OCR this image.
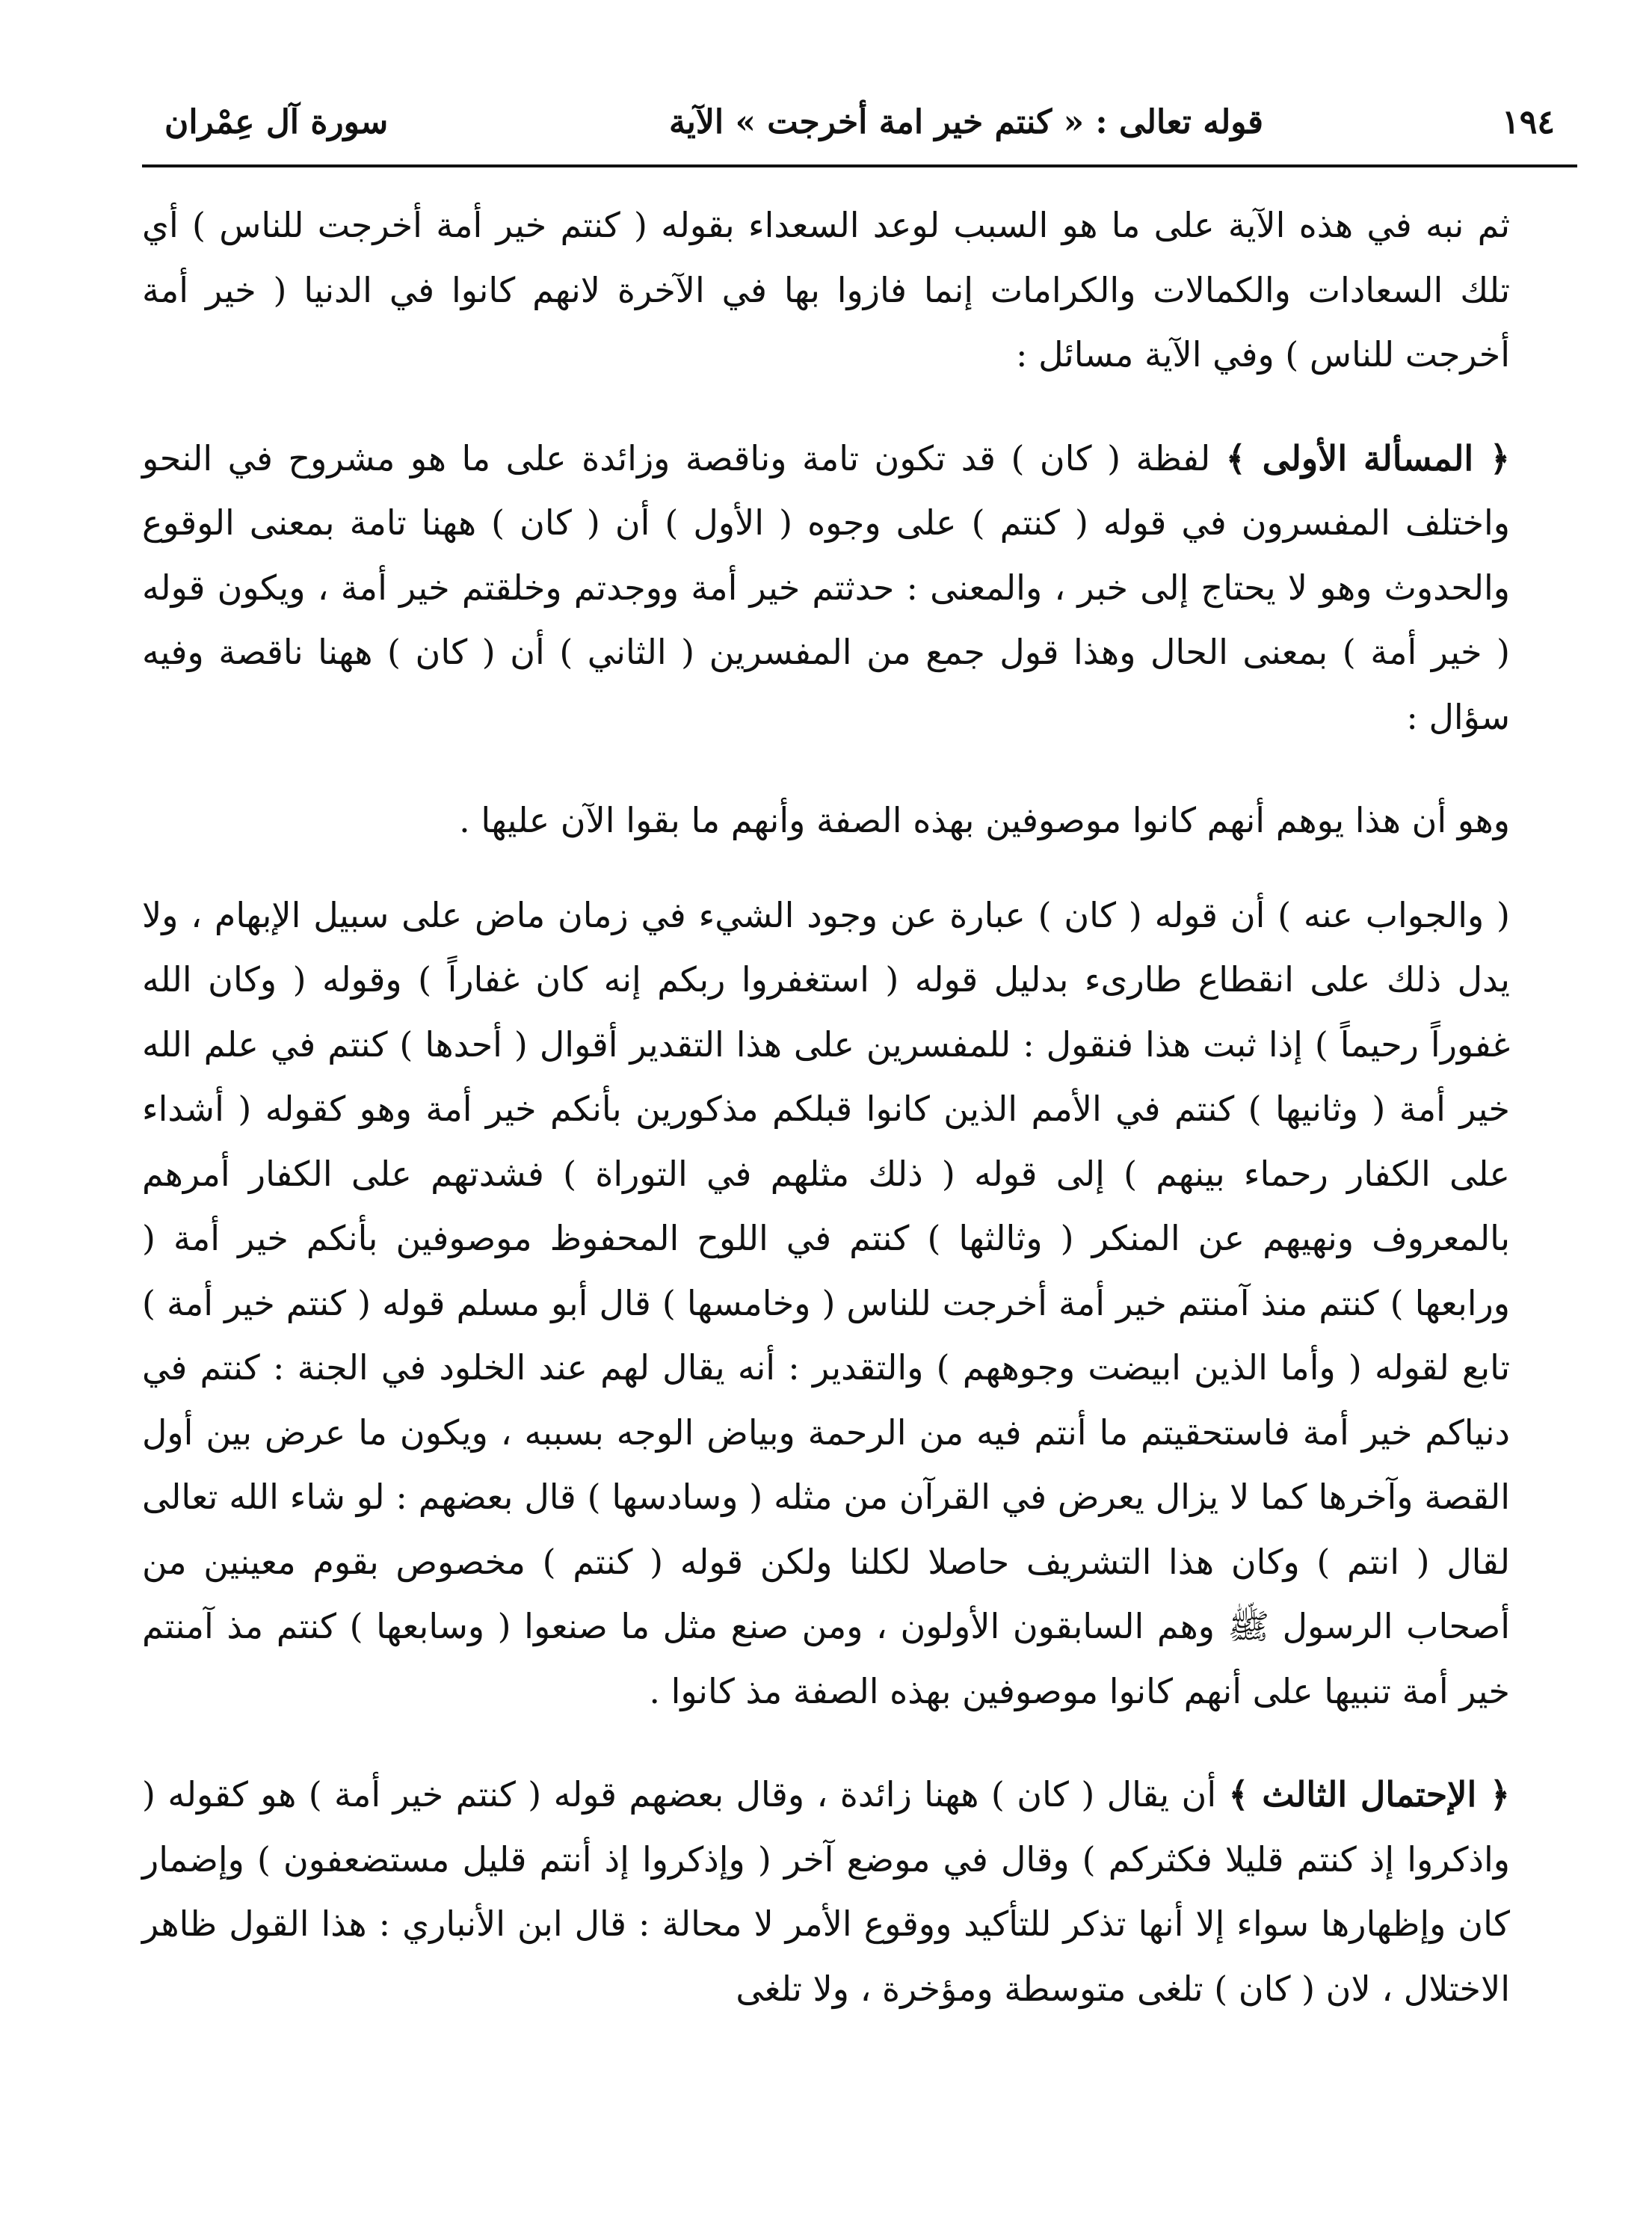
١٩٤
قوله تعالى : « كنتم خير امة أخرجت » الآية
سورة آل عِمْران

ثم نبه في هذه الآية على ما هو السبب لوعد السعداء بقوله ( كنتم خير أمة أخرجت للناس ) أي تلك السعادات والكمالات والكرامات إنما فازوا بها في الآخرة لانهم كانوا في الدنيا ( خير أمة أخرجت للناس ) وفي الآية مسائل :

﴿ المسألة الأولى ﴾ لفظة ( كان ) قد تكون تامة وناقصة وزائدة على ما هو مشروح في النحو واختلف المفسرون في قوله ( كنتم ) على وجوه ( الأول ) أن ( كان ) ههنا تامة بمعنى الوقوع والحدوث وهو لا يحتاج إلى خبر ، والمعنى : حدثتم خير أمة ووجدتم وخلقتم خير أمة ، ويكون قوله ( خير أمة ) بمعنى الحال وهذا قول جمع من المفسرين ( الثاني ) أن ( كان ) ههنا ناقصة وفيه سؤال :

وهو أن هذا يوهم أنهم كانوا موصوفين بهذه الصفة وأنهم ما بقوا الآن عليها .

( والجواب عنه ) أن قوله ( كان ) عبارة عن وجود الشيء في زمان ماض على سبيل الإبهام ، ولا يدل ذلك على انقطاع طارىء بدليل قوله ( استغفروا ربكم إنه كان غفاراً ) وقوله ( وكان الله غفوراً رحيماً ) إذا ثبت هذا فنقول : للمفسرين على هذا التقدير أقوال ( أحدها ) كنتم في علم الله خير أمة ( وثانيها ) كنتم في الأمم الذين كانوا قبلكم مذكورين بأنكم خير أمة وهو كقوله ( أشداء على الكفار رحماء بينهم ) إلى قوله ( ذلك مثلهم في التوراة ) فشدتهم على الكفار أمرهم بالمعروف ونهيهم عن المنكر ( وثالثها ) كنتم في اللوح المحفوظ موصوفين بأنكم خير أمة ( ورابعها ) كنتم منذ آمنتم خير أمة أخرجت للناس ( وخامسها ) قال أبو مسلم قوله ( كنتم خير أمة ) تابع لقوله ( وأما الذين ابيضت وجوههم ) والتقدير : أنه يقال لهم عند الخلود في الجنة : كنتم في دنياكم خير أمة فاستحقيتم ما أنتم فيه من الرحمة وبياض الوجه بسببه ، ويكون ما عرض بين أول القصة وآخرها كما لا يزال يعرض في القرآن من مثله ( وسادسها ) قال بعضهم : لو شاء الله تعالى لقال ( انتم ) وكان هذا التشريف حاصلا لكلنا ولكن قوله ( كنتم ) مخصوص بقوم معينين من أصحاب الرسول ﷺ وهم السابقون الأولون ، ومن صنع مثل ما صنعوا ( وسابعها ) كنتم مذ آمنتم خير أمة تنبيها على أنهم كانوا موصوفين بهذه الصفة مذ كانوا .

﴿ الإحتمال الثالث ﴾ أن يقال ( كان ) ههنا زائدة ، وقال بعضهم قوله ( كنتم خير أمة ) هو كقوله ( واذكروا إذ كنتم قليلا فكثركم ) وقال في موضع آخر ( وإذكروا إذ أنتم قليل مستضعفون ) وإضمار كان وإظهارها سواء إلا أنها تذكر للتأكيد ووقوع الأمر لا محالة : قال ابن الأنباري : هذا القول ظاهر الاختلال ، لان ( كان ) تلغى متوسطة ومؤخرة ، ولا تلغى
